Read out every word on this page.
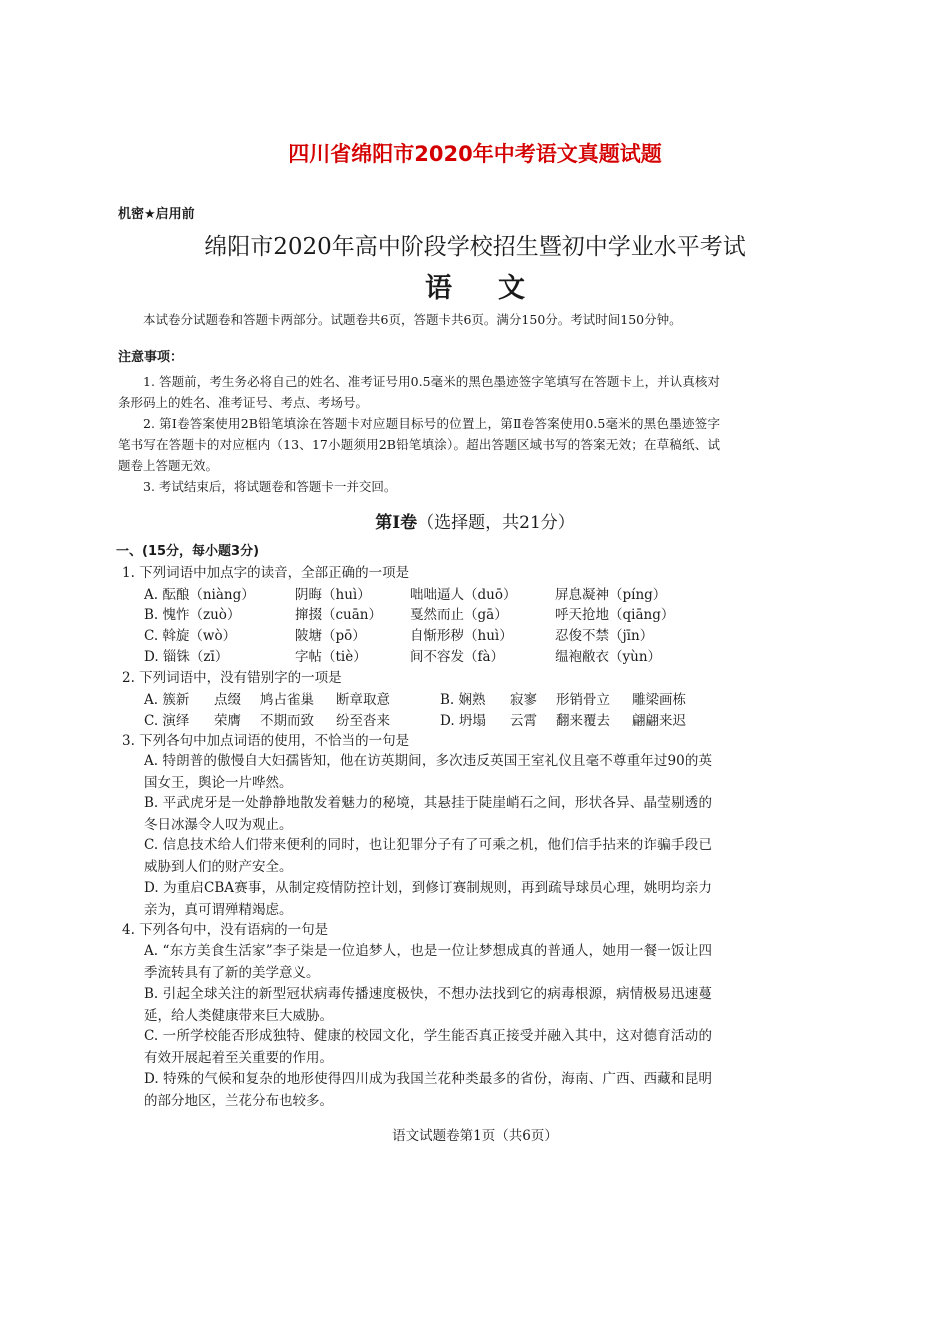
四川省绵阳市2020年中考语文真题试题
机密★启用前
绵阳市2020年高中阶段学校招生暨初中学业水平考试
语文
本试卷分试题卷和答题卡两部分。试题卷共6页，答题卡共6页。满分150分。考试时间150分钟。
注意事项：
1. 答题前，考生务必将自己的姓名、准考证号用0.5毫米的黑色墨迹签字笔填写在答题卡上，并认真核对条形码上的姓名、准考证号、考点、考场号。
2. 第Ⅰ卷答案使用2B铅笔填涂在答题卡对应题目标号的位置上，第Ⅱ卷答案使用0.5毫米的黑色墨迹签字笔书写在答题卡的对应框内（13、17小题须用2B铅笔填涂）。超出答题区域书写的答案无效；在草稿纸、试题卷上答题无效。
3. 考试结束后，将试题卷和答题卡一并交回。
第Ⅰ卷（选择题，共21分）
一、(15分，每小题3分)
1. 下列词语中加点字的读音，全部正确的一项是
A. 酝酿（niàng）	阴晦（huì）	咄咄逼人（duō）	屏息凝神（píng）
B. 愧怍（zuò）	撺掇（cuān） 戛然而止（gā）	呼天抢地（qiāng）
C. 斡旋（wò）	陂塘（pō）	自惭形秽（huì）	忍俊不禁（jīn）
D. 锱铢（zī）	字帖（tiè）	间不容发（fà）	缊袍敝衣（yùn）
2. 下列词语中，没有错别字的一项是
A. 簇新 点缀 鸠占雀巢 断章取意	B. 娴熟 寂寥 形销骨立 雕梁画栋
C. 演绎 荣膺 不期而致 纷至沓来	D. 坍塌 云霄 翻来覆去 翩翩来迟
3. 下列各句中加点词语的使用，不恰当的一句是
A. 特朗普的傲慢自大妇孺皆知，他在访英期间，多次违反英国王室礼仪且毫不尊重年过90的英国女王，舆论一片哗然。
B. 平武虎牙是一处静静地散发着魅力的秘境，其悬挂于陡崖峭石之间，形状各异、晶莹剔透的冬日冰瀑令人叹为观止。
C. 信息技术给人们带来便利的同时，也让犯罪分子有了可乘之机，他们信手拈来的诈骗手段已威胁到人们的财产安全。
D. 为重启CBA赛事，从制定疫情防控计划，到修订赛制规则，再到疏导球员心理，姚明均亲力亲为，真可谓殚精竭虑。
4. 下列各句中，没有语病的一句是
A. “东方美食生活家”李子柒是一位追梦人，也是一位让梦想成真的普通人，她用一餐一饭让四季流转具有了新的美学意义。
B. 引起全球关注的新型冠状病毒传播速度极快，不想办法找到它的病毒根源，病情极易迅速蔓延，给人类健康带来巨大威胁。
C. 一所学校能否形成独特、健康的校园文化，学生能否真正接受并融入其中，这对德育活动的有效开展起着至关重要的作用。
D. 特殊的气候和复杂的地形使得四川成为我国兰花种类最多的省份，海南、广西、西藏和昆明的部分地区，兰花分布也较多。
语文试题卷第1页（共6页）
